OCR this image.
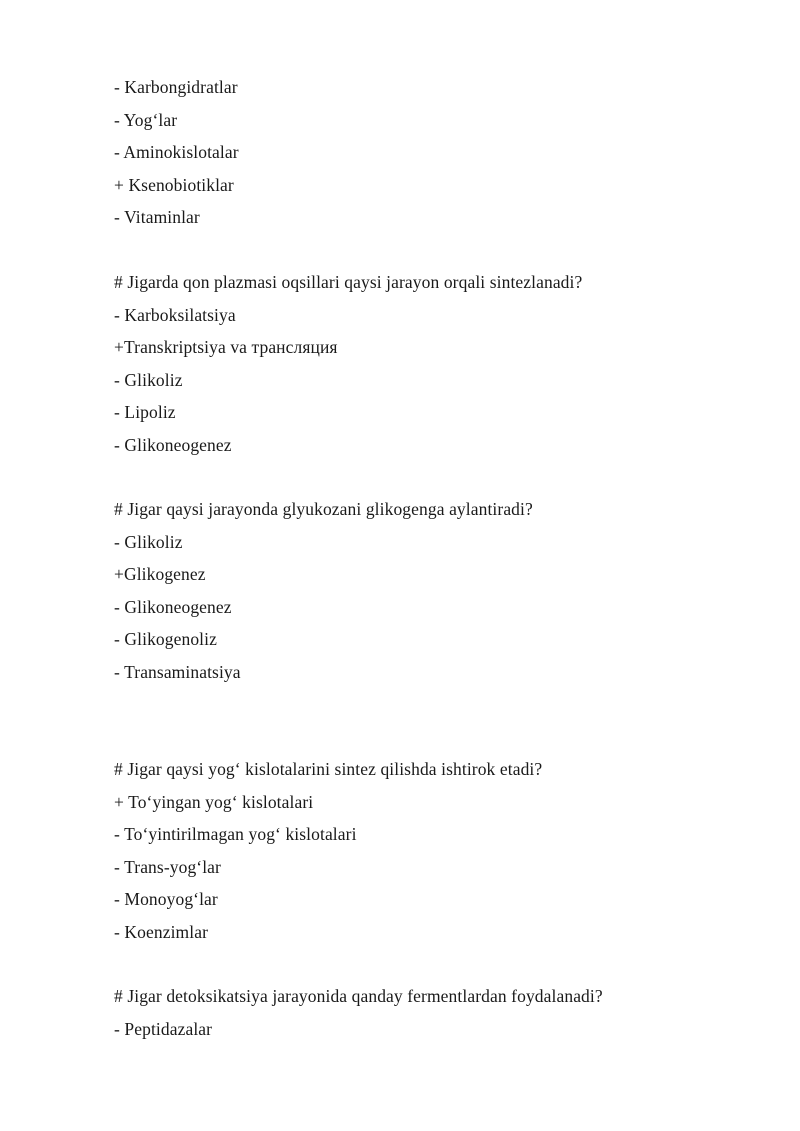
- Karbongidratlar
- Yog‘lar
- Aminokislotalar
+ Ksenobiotiklar
- Vitaminlar
# Jigarda qon plazmasi oqsillari qaysi jarayon orqali sintezlanadi?
- Karboksilatsiya
+Transkriptsiya va трансляция
- Glikoliz
- Lipoliz
- Glikoneogenez
# Jigar qaysi jarayonda glyukozani glikogenga aylantiradi?
- Glikoliz
+Glikogenez
- Glikoneogenez
- Glikogenoliz
- Transaminatsiya
# Jigar qaysi yog‘ kislotalarini sintez qilishda ishtirok etadi?
+ To‘yingan yog‘ kislotalari
- To‘yintirilmagan yog‘ kislotalari
- Trans-yog‘lar
- Monoyog‘lar
- Koenzimlar
# Jigar detoksikatsiya jarayonida qanday fermentlardan foydalanadi?
- Peptidazalar
